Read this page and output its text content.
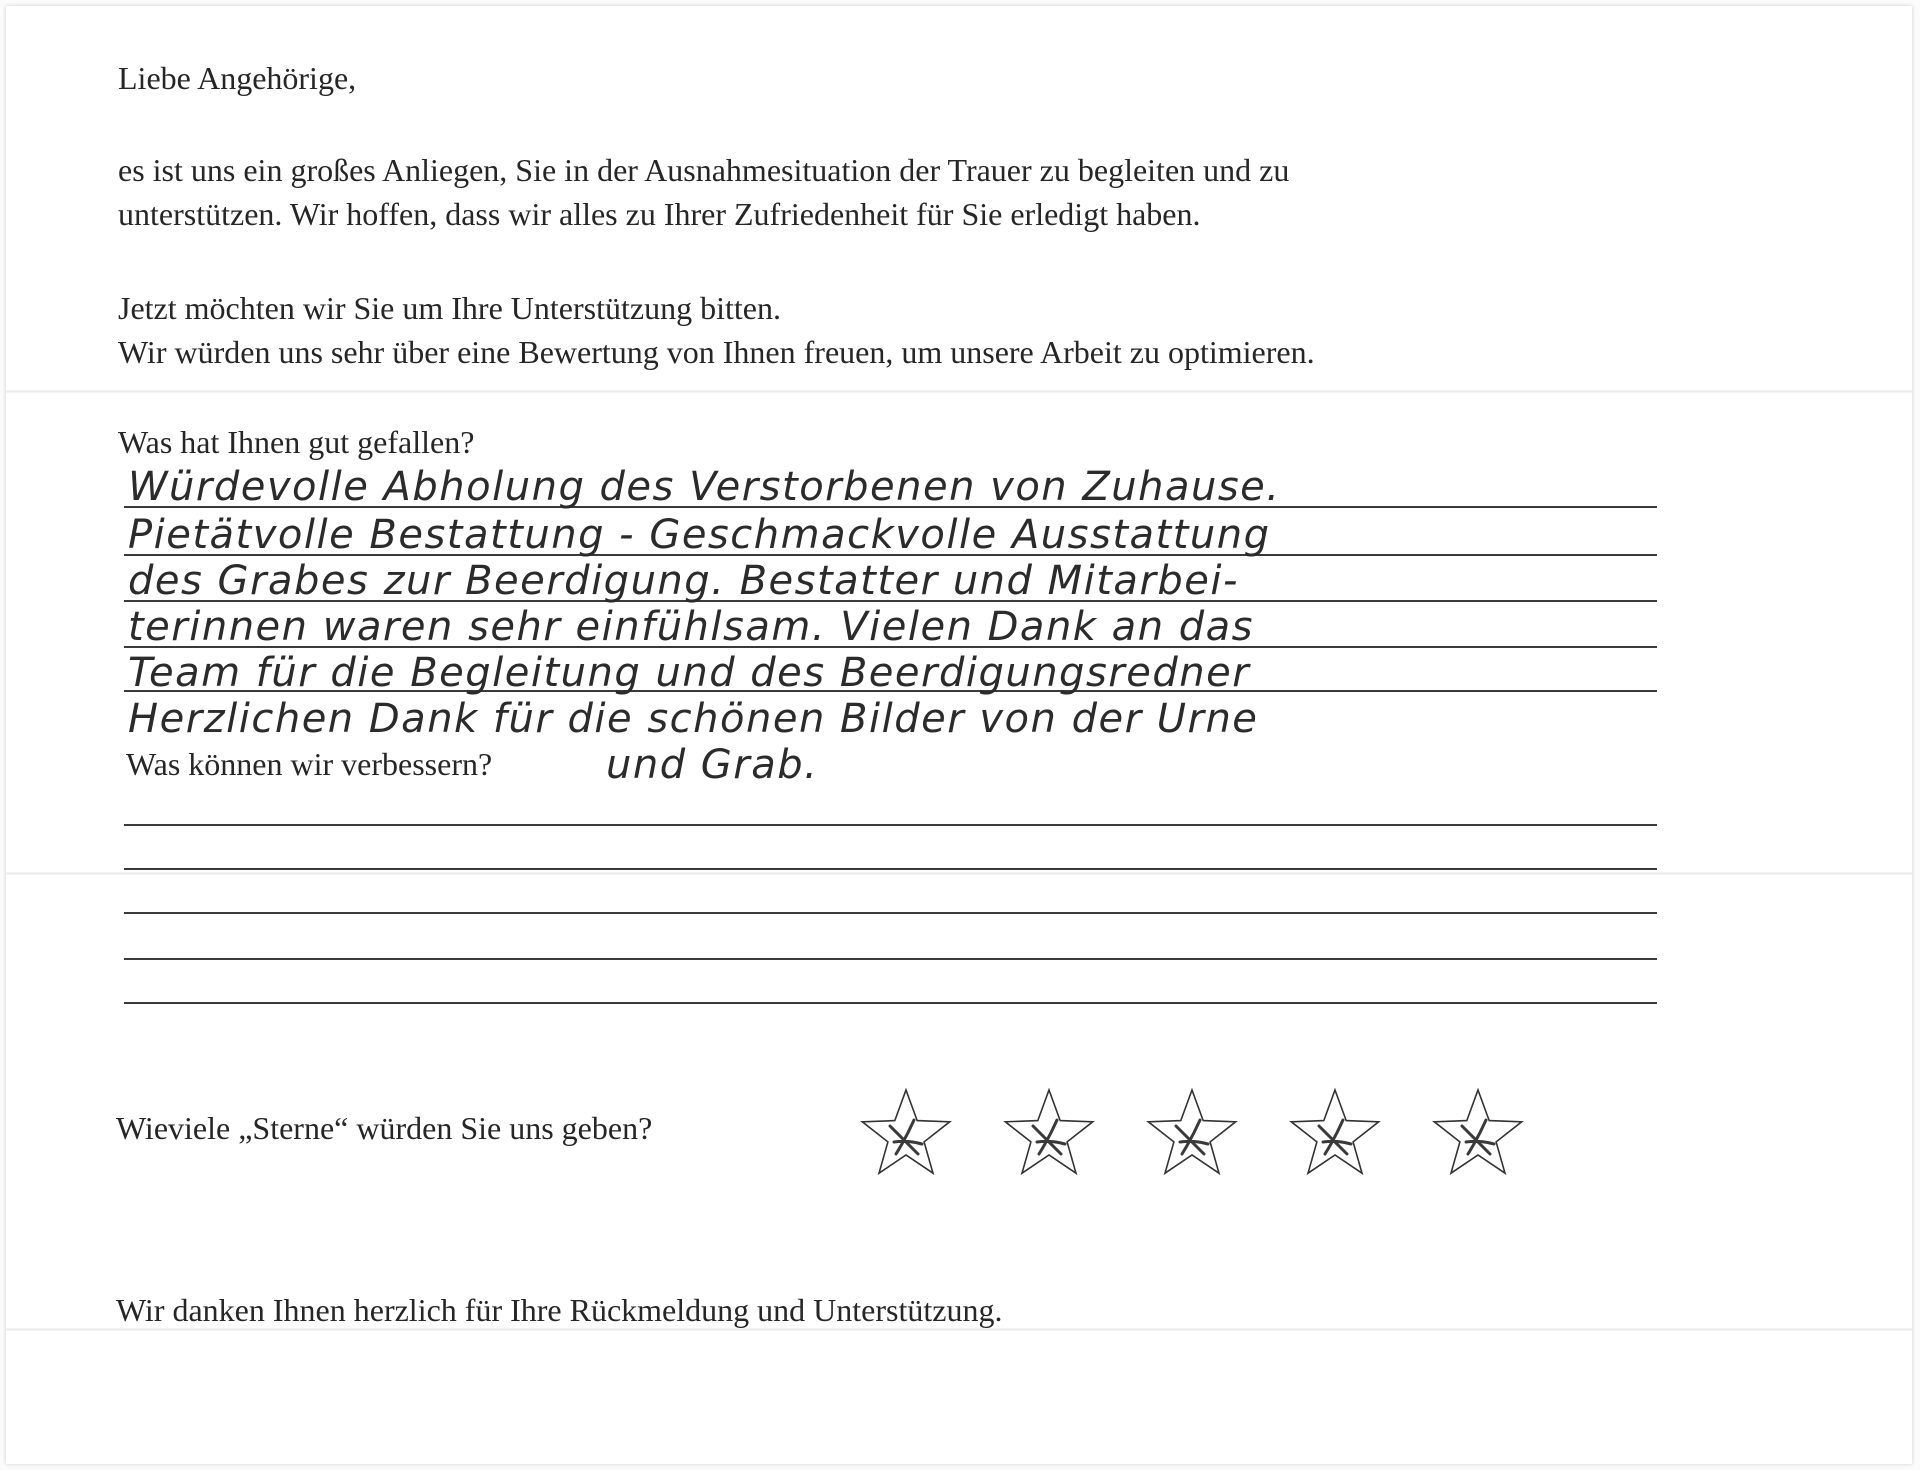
Liebe Angehörige,

es ist uns ein großes Anliegen, Sie in der Ausnahmesituation der Trauer zu begleiten und zu

unterstützen. Wir hoffen, dass wir alles zu Ihrer Zufriedenheit für Sie erledigt haben.

Jetzt möchten wir Sie um Ihre Unterstützung bitten.

Wir würden uns sehr über eine Bewertung von Ihnen freuen, um unsere Arbeit zu optimieren.

Was hat Ihnen gut gefallen?

Würdevolle Abholung des Verstorbenen von Zuhause.

Pietätvolle Bestattung - Geschmackvolle Ausstattung

des Grabes zur Beerdigung. Bestatter und Mitarbei-

terinnen waren sehr einfühlsam. Vielen Dank an das

Team für die Begleitung und des Beerdigungsredner

Herzlichen Dank für die schönen Bilder von der Urne

Was können wir verbessern?	und Grab.

Wieviele „Sterne“ würden Sie uns geben?

Wir danken Ihnen herzlich für Ihre Rückmeldung und Unterstützung.
